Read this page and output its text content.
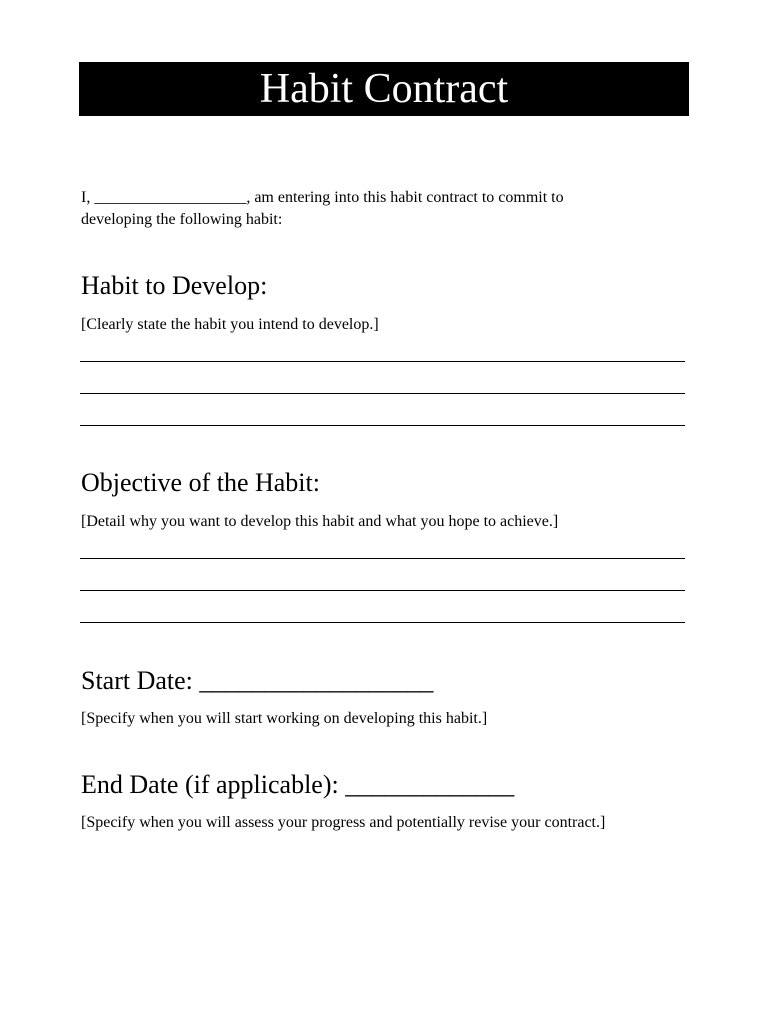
Habit Contract
I, ___________________, am entering into this habit contract to commit to
developing the following habit:
Habit to Develop:
[Clearly state the habit you intend to develop.]
Objective of the Habit:
[Detail why you want to develop this habit and what you hope to achieve.]
Start Date: __________________
[Specify when you will start working on developing this habit.]
End Date (if applicable): _____________
[Specify when you will assess your progress and potentially revise your contract.]
